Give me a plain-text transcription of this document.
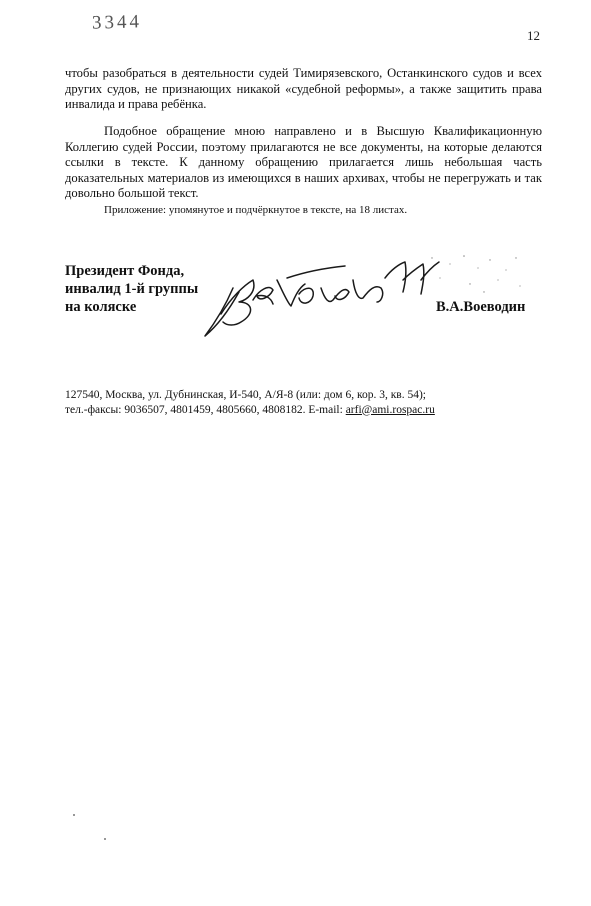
3344
12

чтобы разобраться в деятельности судей Тимирязевского, Останкинского судов и всех других судов, не признающих никакой «судебной реформы», а также защитить права инвалида и права ребёнка.

Подобное обращение мною направлено и в Высшую Квалификационную Коллегию судей России, поэтому прилагаются не все документы, на которые делаются ссылки в тексте. К данному обращению прилагается лишь небольшая часть доказательных материалов из имеющихся в наших архивах, чтобы не перегружать и так довольно большой текст.

Приложение: упомянутое и подчёркнутое в тексте, на 18 листах.

Президент Фонда,
инвалид 1-й группы
на коляске	В.А.Воеводин
127540, Москва, ул. Дубнинская, И-540, А/Я-8 (или: дом 6, кор. 3, кв. 54);
тел.-факсы: 9036507, 4801459, 4805660, 4808182. E-mail: arfi@ami.rospac.ru
